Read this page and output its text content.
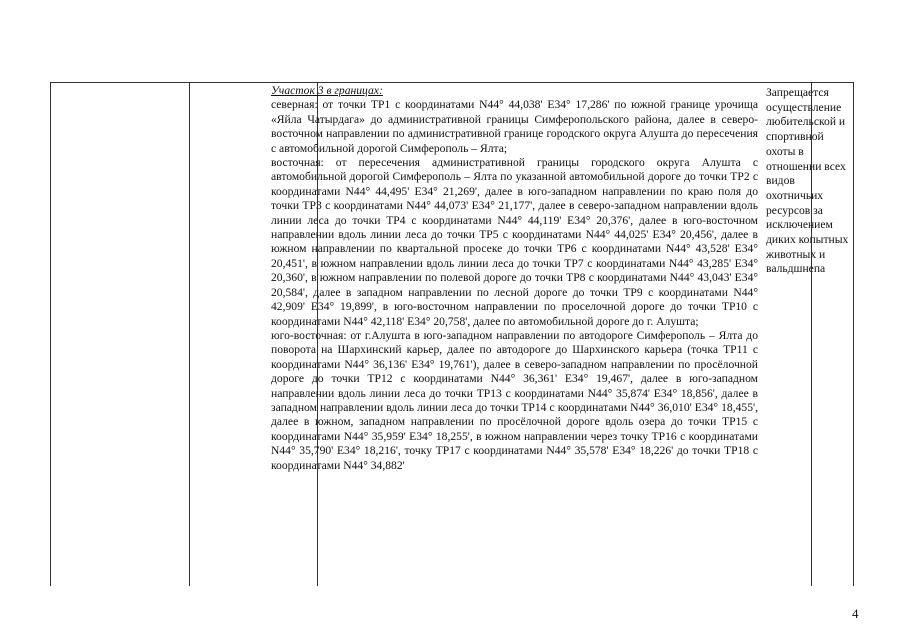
Участок 3 в границах:

северная: от точки ТР1 с координатами N44° 44,038' E34° 17,286' по южной границе урочища «Яйла Чатырдага» до административной границы Симферопольского района, далее в северо-восточном направлении по административной границе городского округа Алушта до пересечения с автомобильной дорогой Симферополь – Ялта;

восточная: от пересечения административной границы городского округа Алушта с автомобильной дорогой Симферополь – Ялта по указанной автомобильной дороге до точки ТР2 с координатами N44° 44,495' E34° 21,269', далее в юго-западном направлении по краю поля до точки ТР3 с координатами N44° 44,073' E34° 21,177', далее в северо-западном направлении вдоль линии леса до точки ТР4 с координатами N44° 44,119' E34° 20,376', далее в юго-восточном направлении вдоль линии леса до точки ТР5 с координатами N44° 44,025' E34° 20,456', далее в южном направлении по квартальной просеке до точки ТР6 с координатами N44° 43,528' E34° 20,451', в южном направлении вдоль линии леса до точки ТР7 с координатами N44° 43,285' E34° 20,360', в южном направлении по полевой дороге до точки ТР8 с координатами N44° 43,043' E34° 20,584', далее в западном направлении по лесной дороге до точки ТР9 с координатами N44° 42,909' E34° 19,899', в юго-восточном направлении по проселочной дороге до точки ТР10 с координатами N44° 42,118' E34° 20,758', далее по автомобильной дороге до г. Алушта;

юго-восточная: от г.Алушта в юго-западном направлении по автодороге Симферополь – Ялта до поворота на Шархинский карьер, далее по автодороге до Шархинского карьера (точка ТР11 с координатами N44° 36,136' E34° 19,761'), далее в северо-западном направлении по просёлочной дороге до точки ТР12 с координатами N44° 36,361' E34° 19,467', далее в юго-западном направлении вдоль линии леса до точки ТР13 с координатами N44° 35,874' E34° 18,856', далее в западном направлении вдоль линии леса до точки ТР14 с координатами N44° 36,010' E34° 18,455', далее в южном, западном направлении по просёлочной дороге вдоль озера до точки ТР15 с координатами N44° 35,959' E34° 18,255', в южном направлении через точку ТР16 с координатами N44° 35,790' E34° 18,216', точку ТР17 с координатами N44° 35,578' E34° 18,226' до точки ТР18 с координатами N44° 34,882'

Запрещается осуществление любительской и спортивной охоты в отношении всех видов охотничьих ресурсов за исключением диких копытных животных и вальдшнепа
4
